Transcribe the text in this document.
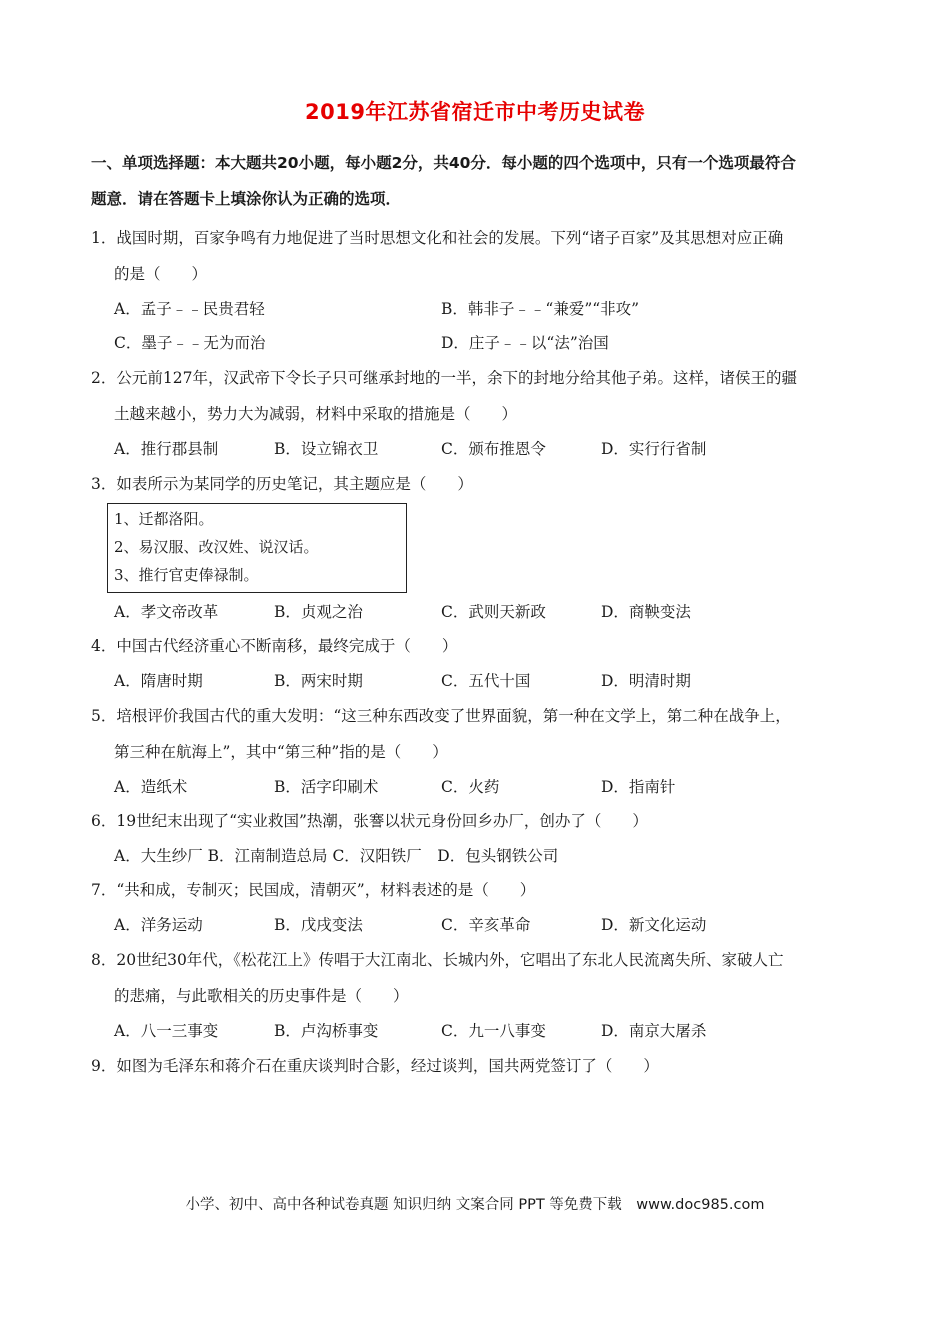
2019年江苏省宿迁市中考历史试卷
一、单项选择题：本大题共20小题，每小题2分，共40分．每小题的四个选项中，只有一个选项最符合
题意．请在答题卡上填涂你认为正确的选项．
1．战国时期，百家争鸣有力地促进了当时思想文化和社会的发展。下列“诸子百家”及其思想对应正确
的是（　　）
A．孟子﹣﹣民贵君轻	B．韩非子﹣﹣“兼爱”“非攻”
C．墨子﹣﹣无为而治	D．庄子﹣﹣以“法”治国
2．公元前127年，汉武帝下令长子只可继承封地的一半，余下的封地分给其他子弟。这样，诸侯王的疆
土越来越小，势力大为减弱，材料中采取的措施是（　　）
A．推行郡县制	B．设立锦衣卫	C．颁布推恩令	D．实行行省制
3．如表所示为某同学的历史笔记，其主题应是（　　）
1、迁都洛阳。
2、易汉服、改汉姓、说汉话。
3、推行官吏俸禄制。
A．孝文帝改革	B．贞观之治	C．武则天新政	D．商鞅变法
4．中国古代经济重心不断南移，最终完成于（　　）
A．隋唐时期	B．两宋时期	C．五代十国	D．明清时期
5．培根评价我国古代的重大发明：“这三种东西改变了世界面貌，第一种在文学上，第二种在战争上，
第三种在航海上”，其中“第三种”指的是（　　）
A．造纸术	B．活字印刷术	C．火药	D．指南针
6．19世纪末出现了“实业救国”热潮，张謇以状元身份回乡办厂，创办了（　　）
A．大生纱厂 B．江南制造总局 C．汉阳铁厂　D．包头钢铁公司
7．“共和成，专制灭；民国成，清朝灭”，材料表述的是（　　）
A．洋务运动	B．戊戌变法	C．辛亥革命	D．新文化运动
8．20世纪30年代，《松花江上》传唱于大江南北、长城内外，它唱出了东北人民流离失所、家破人亡
的悲痛，与此歌相关的历史事件是（　　）
A．八一三事变	B．卢沟桥事变	C．九一八事变	D．南京大屠杀
9．如图为毛泽东和蒋介石在重庆谈判时合影，经过谈判，国共两党签订了（　　）
小学、初中、高中各种试卷真题 知识归纳 文案合同 PPT 等免费下载　www.doc985.com
